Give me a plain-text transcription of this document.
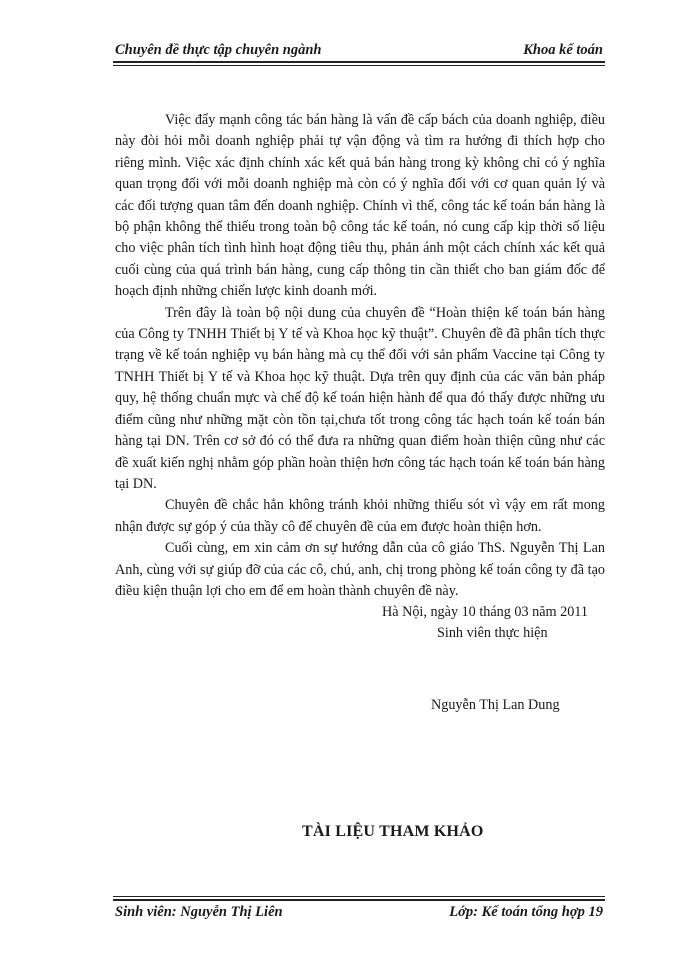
Chuyên đề thực tập chuyên ngành	Khoa kế toán

Việc đẩy mạnh công tác bán hàng là vấn đề cấp bách của doanh nghiệp, điều này đòi hỏi mỗi doanh nghiệp phải tự vận động và tìm ra hướng đi thích hợp cho riêng mình. Việc xác định chính xác kết quả bán hàng trong kỳ không chỉ có ý nghĩa quan trọng đối với mỗi doanh nghiệp mà còn có ý nghĩa đối với cơ quan quản lý và các đối tượng quan tâm đến doanh nghiệp. Chính vì thế, công tác kế toán bán hàng là bộ phận không thể thiếu trong toàn bộ công tác kế toán, nó cung cấp kịp thời số liệu cho việc phân tích tình hình hoạt động tiêu thụ, phản ánh một cách chính xác kết quả cuối cùng của quá trình bán hàng, cung cấp thông tin cần thiết cho ban giám đốc để hoạch định những chiến lược kinh doanh mới.

Trên đây là toàn bộ nội dung của chuyên đề “Hoàn thiện kế toán bán hàng của Công ty TNHH Thiết bị Y tế và Khoa học kỹ thuật”. Chuyên đề đã phân tích thực trạng về kế toán nghiệp vụ bán hàng mà cụ thể đối với sản phẩm Vaccine tại Công ty TNHH Thiết bị Y tế và Khoa học kỹ thuật. Dựa trên quy định của các văn bản pháp quy, hệ thống chuẩn mực và chế độ kế toán hiện hành để qua đó thấy được những ưu điểm cũng như những mặt còn tồn tại,chưa tốt trong công tác hạch toán kế toán bán hàng tại DN. Trên cơ sở đó có thể đưa ra những quan điểm hoàn thiện cũng như các đề xuất kiến nghị nhằm góp phần hoàn thiện hơn công tác hạch toán kế toán bán hàng tại DN.

Chuyên đề chắc hẳn không tránh khỏi những thiếu sót vì vậy em rất mong nhận được sự góp ý của thầy cô để chuyên đề của em được hoàn thiện hơn.

Cuối cùng, em xin cảm ơn sự hướng dẫn của cô giáo ThS. Nguyễn Thị Lan Anh, cùng với sự giúp đỡ của các cô, chú, anh, chị trong phòng kế toán công ty đã tạo điều kiện thuận lợi cho em để em hoàn thành chuyên đề này.

Hà Nội, ngày 10 tháng 03 năm 2011
Sinh viên thực hiện
Nguyễn Thị Lan Dung
TÀI LIỆU THAM KHẢO
Sinh viên: Nguyễn Thị Liên	Lớp: Kế toán tổng hợp 19
